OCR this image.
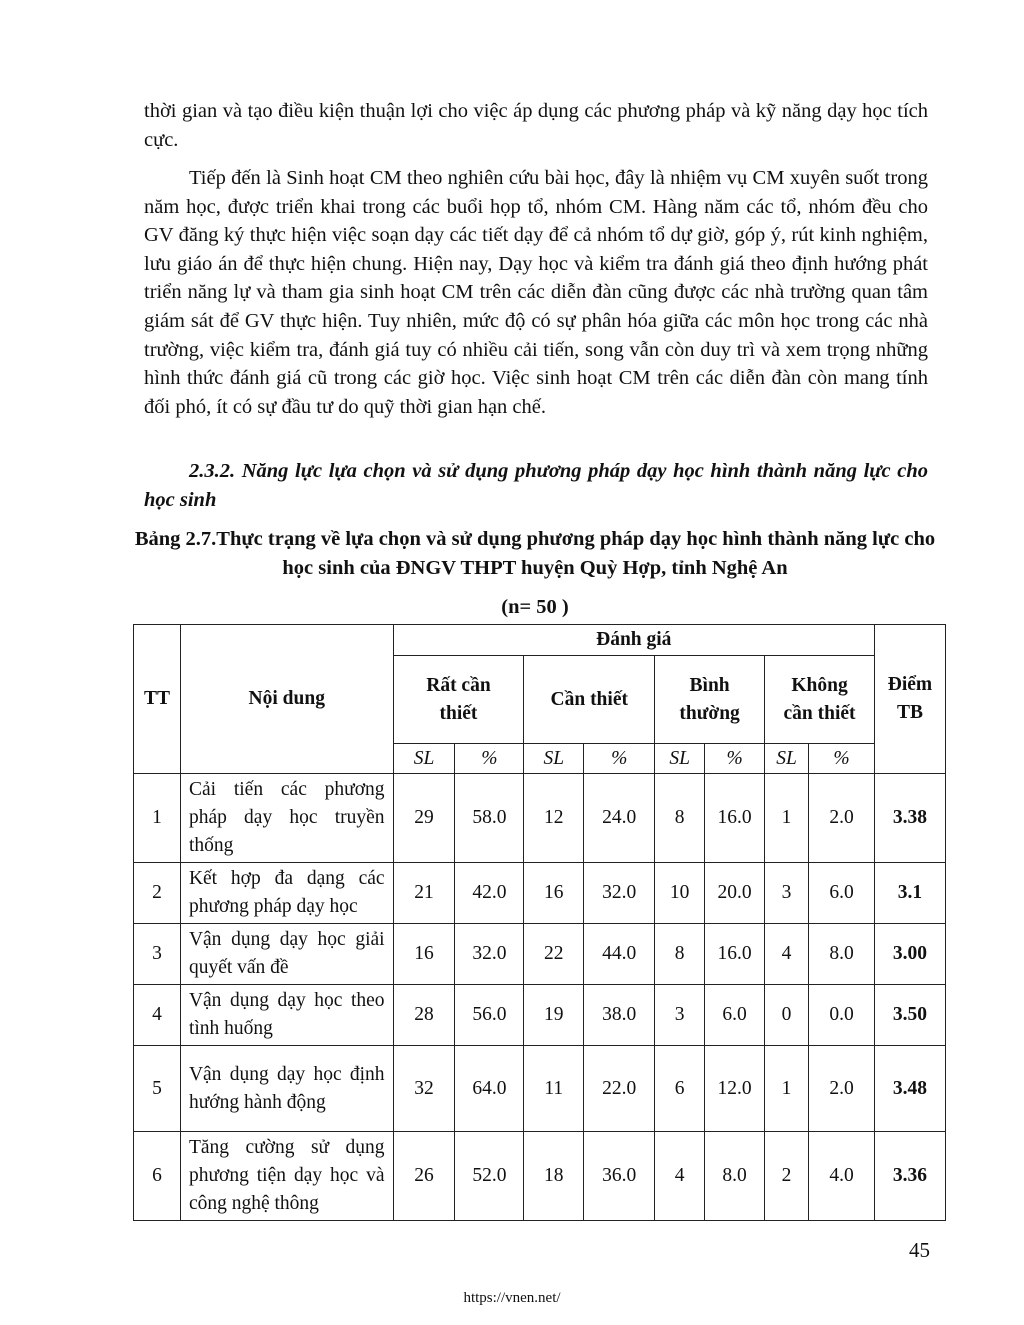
thời gian và tạo điều kiện thuận lợi cho việc áp dụng các phương pháp và kỹ năng dạy học tích cực.

Tiếp đến là Sinh hoạt CM theo nghiên cứu bài học, đây là nhiệm vụ CM xuyên suốt trong năm học, được triển khai trong các buổi họp tổ, nhóm CM. Hàng năm các tổ, nhóm đều cho GV đăng ký thực hiện việc soạn dạy các tiết dạy để cả nhóm tổ dự giờ, góp ý, rút kinh nghiệm, lưu giáo án để thực hiện chung. Hiện nay, Dạy học và kiểm tra đánh giá theo định hướng phát triển năng lự và tham gia sinh hoạt CM trên các diễn đàn cũng được các nhà trường quan tâm giám sát để GV thực hiện. Tuy nhiên, mức độ có sự phân hóa giữa các môn học trong các nhà trường, việc kiểm tra, đánh giá tuy có nhiều cải tiến, song vẫn còn duy trì và xem trọng những hình thức đánh giá cũ trong các giờ học. Việc sinh hoạt CM trên các diễn đàn còn mang tính đối phó, ít có sự đầu tư do quỹ thời gian hạn chế.

2.3.2. Năng lực lựa chọn và sử dụng phương pháp dạy học hình thành năng lực cho học sinh

Bảng 2.7.Thực trạng về lựa chọn và sử dụng phương pháp dạy học hình thành năng lực cho học sinh của ĐNGV THPT huyện Quỳ Hợp, tỉnh Nghệ An

(n= 50 )

TT	Nội dung	Đánh giá								Điểm TB
		Rất cần thiết		Cần thiết		Bình thường		Không cần thiết		
		SL	%	SL	%	SL	%	SL	%	
1	Cải tiến các phương pháp dạy học truyền thống	29	58.0	12	24.0	8	16.0	1	2.0	3.38
2	Kết hợp đa dạng các phương pháp dạy học	21	42.0	16	32.0	10	20.0	3	6.0	3.1
3	Vận dụng dạy học giải quyết vấn đề	16	32.0	22	44.0	8	16.0	4	8.0	3.00
4	Vận dụng dạy học theo tình huống	28	56.0	19	38.0	3	6.0	0	0.0	3.50
5	Vận dụng dạy học định hướng hành động	32	64.0	11	22.0	6	12.0	1	2.0	3.48
6	Tăng cường sử dụng phương tiện dạy học và công nghệ thông	26	52.0	18	36.0	4	8.0	2	4.0	3.36
45
https://vnen.net/
